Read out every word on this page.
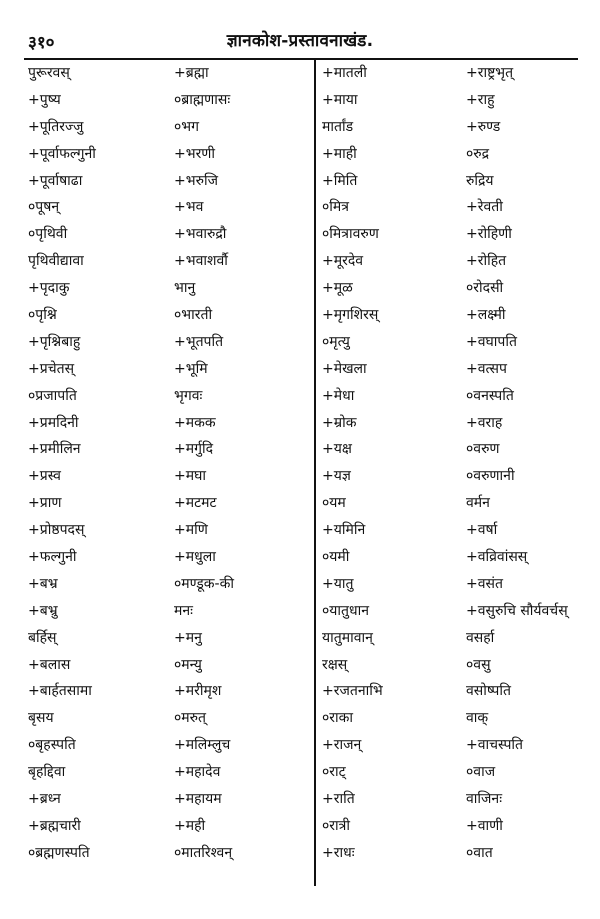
३१०	ज्ञानकोश-प्रस्तावनाखंड.
पुरूरवस्
+पुष्य
+पूतिरज्जु
+पूर्वाफल्गुनी
+पूर्वाषाढा
०पूषन्
०पृथिवी
पृथिवीद्यावा
+पृदाकु
०पृश्नि
+पृश्निबाहु
+प्रचेतस्
०प्रजापति
+प्रमदिनी
+प्रमीलिन
+प्रस्व
+प्राण
+प्रोष्ठपदस्
+फल्गुनी
+बभ्र
+बभ्रु
बर्हिस्
+बलास
+बार्हतसामा
बृसय
०बृहस्पति
बृहद्दिवा
+ब्रध्न
+ब्रह्मचारी
०ब्रह्मणस्पति
+ब्रह्मा
०ब्राह्मणासः
०भग
+भरणी
+भरुजि
+भव
+भवारुद्रौ
+भवाशर्वौ
भानु
०भारती
+भूतपति
+भूमि
भृगवः
+मकक
+मर्गुदि
+मघा
+मटमट
+मणि
+मधुला
०मण्डूक-की
मनः
+मनु
०मन्यु
+मरीमृश
०मरुत्
+मलिम्लुच
+महादेव
+महायम
+मही
०मातरिश्वन्
+मातली
+माया
मार्तांड
+माही
+मिति
०मित्र
०मित्रावरुण
+मूरदेव
+मूळ
+मृगशिरस्
०मृत्यु
+मेखला
+मेधा
+म्रोक
+यक्ष
+यज्ञ
०यम
+यमिनि
०यमी
+यातु
०यातुधान
यातुमावान्
रक्षस्
+रजतनाभि
०राका
+राजन्
०राट्
+राति
०रात्री
+राधः
+राष्ट्रभृत्
+राहु
+रुण्ड
०रुद्र
रुद्रिय
+रेवती
+रोहिणी
+रोहित
०रोदसी
+लक्ष्मी
+वघापति
+वत्सप
०वनस्पति
+वराह
०वरुण
०वरुणानी
वर्मन
+वर्षा
+वव्रिवांसस्
+वसंत
+वसुरुचि सौर्यवर्चस्
वसर्हा
०वसु
वसोष्पति
वाक्
+वाचस्पति
०वाज
वाजिनः
+वाणी
०वात
